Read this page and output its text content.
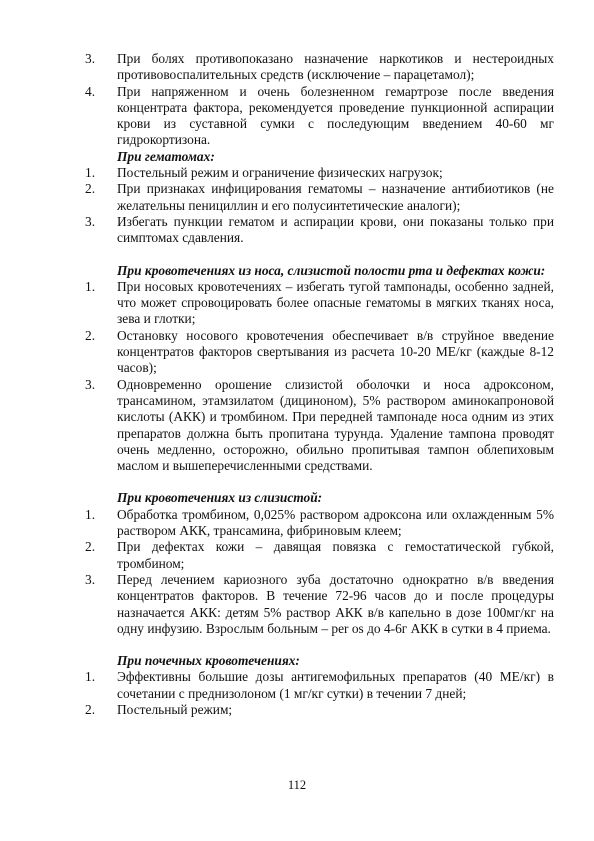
3. При болях противопоказано назначение наркотиков и нестероидных противовоспалительных средств (исключение – парацетамол);
4. При напряженном и очень болезненном гемартрозе после введения концентрата фактора, рекомендуется проведение пункционной аспирации крови из суставной сумки с последующим введением 40-60 мг гидрокортизона.
При гематомах:
1. Постельный режим и ограничение физических нагрузок;
2. При признаках инфицирования гематомы – назначение антибиотиков (не желательны пенициллин и его полусинтетические аналоги);
3. Избегать пункции гематом и аспирации крови, они показаны только при симптомах сдавления.
При кровотечениях из носа, слизистой полости рта и дефектах кожи:
1. При носовых кровотечениях – избегать тугой тампонады, особенно задней, что может спровоцировать более опасные гематомы в мягких тканях носа, зева и глотки;
2. Остановку носового кровотечения обеспечивает в/в струйное введение концентратов факторов свертывания из расчета 10-20 МЕ/кг (каждые 8-12 часов);
3. Одновременно орошение слизистой оболочки и носа адроксоном, трансамином, этамзилатом (дициноном), 5% раствором аминокапроновой кислоты (АКК) и тромбином. При передней тампонаде носа одним из этих препаратов должна быть пропитана турунда. Удаление тампона проводят очень медленно, осторожно, обильно пропитывая тампон облепиховым маслом и вышеперечисленными средствами.
При кровотечениях из слизистой:
1. Обработка тромбином, 0,025% раствором адроксона или охлажденным 5% раствором АКК, трансамина, фибриновым клеем;
2. При дефектах кожи – давящая повязка с гемостатической губкой, тромбином;
3. Перед лечением кариозного зуба достаточно однократно в/в введения концентратов факторов. В течение 72-96 часов до и после процедуры назначается АКК: детям 5% раствор АКК в/в капельно в дозе 100мг/кг на одну инфузию. Взрослым больным – per os до 4-6г АКК в сутки в 4 приема.
При почечных кровотечениях:
1. Эффективны большие дозы антигемофильных препаратов (40 МЕ/кг) в сочетании с преднизолоном (1 мг/кг сутки) в течении 7 дней;
2. Постельный режим;
112
